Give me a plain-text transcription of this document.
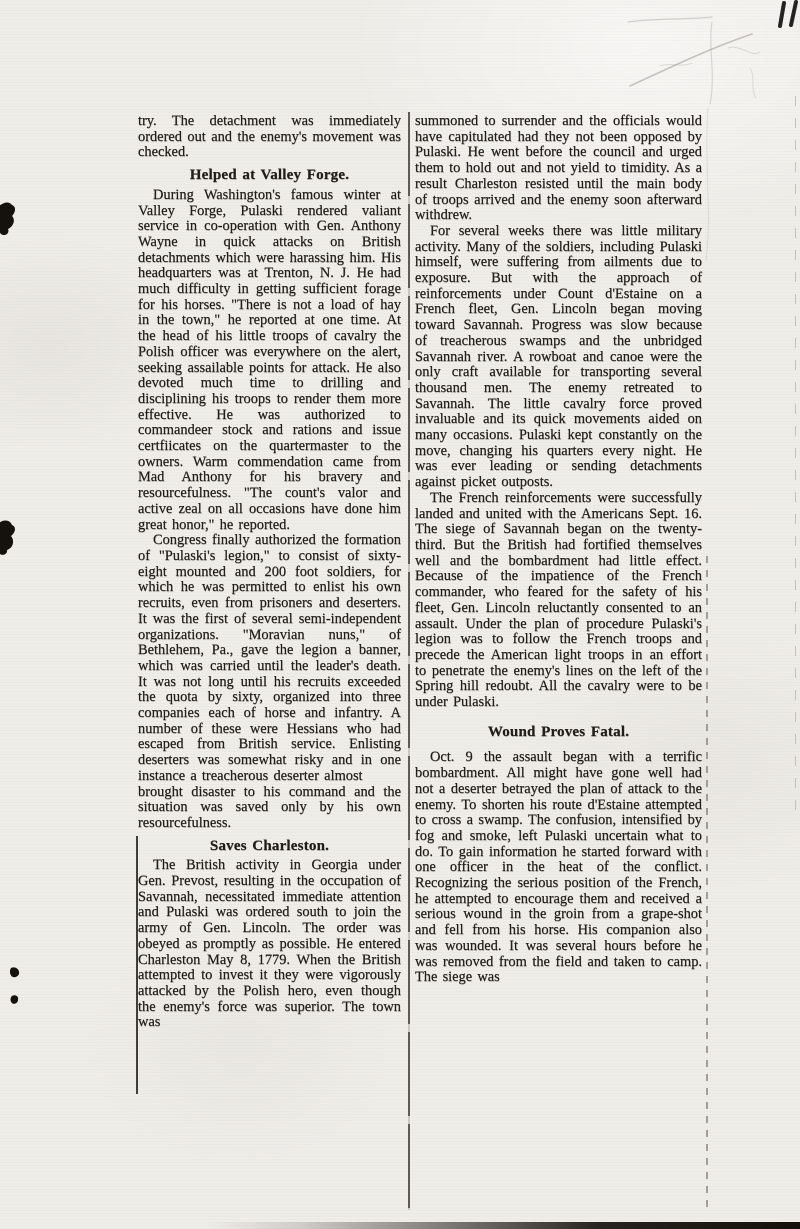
try. The detachment was immediately ordered out and the enemy's movement was checked.

Helped at Valley Forge.

During Washington's famous winter at Valley Forge, Pulaski rendered valiant service in co-operation with Gen. Anthony Wayne in quick attacks on British detachments which were harassing him. His headquarters was at Trenton, N. J. He had much difficulty in getting sufficient forage for his horses. "There is not a load of hay in the town," he reported at one time. At the head of his little troops of cavalry the Polish officer was everywhere on the alert, seeking assailable points for attack. He also devoted much time to drilling and disciplining his troops to render them more effective. He was authorized to commandeer stock and rations and issue certfiicates on the quartermaster to the owners. Warm commendation came from Mad Anthony for his bravery and resourcefulness. "The count's valor and active zeal on all occasions have done him great honor," he reported.

Congress finally authorized the formation of "Pulaski's legion," to consist of sixty-eight mounted and 200 foot soldiers, for which he was permitted to enlist his own recruits, even from prisoners and deserters. It was the first of several semi-independent organizations. "Moravian nuns," of Bethlehem, Pa., gave the legion a banner, which was carried until the leader's death. It was not long until his recruits exceeded the quota by sixty, organized into three companies each of horse and infantry. A number of these were Hessians who had escaped from British service. Enlisting deserters was somewhat risky and in one instance a treacherous deserter almost

brought disaster to his command and the situation was saved only by his own resourcefulness.

Saves Charleston.

The British activity in Georgia under Gen. Prevost, resulting in the occupation of Savannah, necessitated immediate attention and Pulaski was ordered south to join the army of Gen. Lincoln. The order was obeyed as promptly as possible. He entered Charleston May 8, 1779. When the British attempted to invest it they were vigorously attacked by the Polish hero, even though the enemy's force was superior. The town was

summoned to surrender and the officials would have capitulated had they not been opposed by Pulaski. He went before the council and urged them to hold out and not yield to timidity. As a result Charleston resisted until the main body of troops arrived and the enemy soon afterward withdrew.

For several weeks there was little military activity. Many of the soldiers, including Pulaski himself, were suffering from ailments due to exposure. But with the approach of reinforcements under Count d'Estaine on a French fleet, Gen. Lincoln began moving toward Savannah. Progress was slow because of treacherous swamps and the unbridged Savannah river. A rowboat and canoe were the only craft available for transporting several thousand men. The enemy retreated to Savannah. The little cavalry force proved invaluable and its quick movements aided on many occasions. Pulaski kept constantly on the move, changing his quarters every night. He was ever leading or sending detachments against picket outposts.

The French reinforcements were successfully landed and united with the Americans Sept. 16. The siege of Savannah began on the twenty-third. But the British had fortified themselves well and the bombardment had little effect. Because of the impatience of the French commander, who feared for the safety of his fleet, Gen. Lincoln reluctantly consented to an assault. Under the plan of procedure Pulaski's legion was to follow the French troops and precede the American light troops in an effort to penetrate the enemy's lines on the left of the Spring hill redoubt. All the cavalry were to be under Pulaski.

Wound Proves Fatal.

Oct. 9 the assault began with a terrific bombardment. All might have gone well had not a deserter betrayed the plan of attack to the enemy. To shorten his route d'Estaine attempted to cross a swamp. The confusion, intensified by fog and smoke, left Pulaski uncertain what to do. To gain information he started forward with one officer in the heat of the conflict. Recognizing the serious position of the French, he attempted to encourage them and received a serious wound in the groin from a grape-shot and fell from his horse. His companion also was wounded. It was several hours before he was removed from the field and taken to camp. The siege was
